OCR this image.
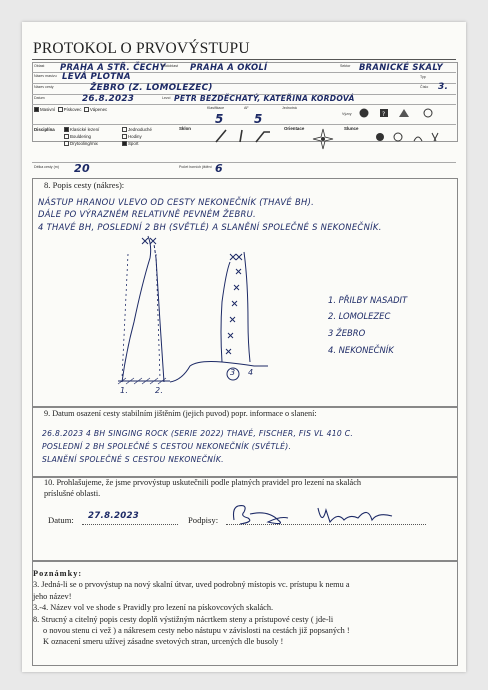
PROTOKOL O PRVOVÝSTUPU
Oblast PRAHA A STŘ. ČECHY
Podoblast PRAHA A OKOLÍ	Sektor BRANICKÉ SKALY
Název masivu LEVÁ PLOTNA	Typ
Název cesty	ŽEBRO (Z. LOMOLEZEC)	Číslo 3.
Datum	26.8.2023	Lezci PETR BEZDĚCHATÝ, KATEŘINA KORDOVÁ
Masivní Pískovec Vápenec	Klasifikace
5
AF
5
Jednotná
Výzvy	?
Disciplína	Klasické lezení
Bouldering
Drytooling/mix
Jednoduché
Hodiny
Sport
Sklon	Orientace	Slunce
Délka cesty (m) 20	Počet horních jištění 6
8. Popis cesty (nákres):
NÁSTUP HRANOU VLEVO OD CESTY NEKONEČNÍK (THAVÉ BH).
DÁLE PO VÝRAZNÉM RELATIVNĚ PEVNÉM ŽEBRU.
4 THAVÉ BH, POSLEDNÍ 2 BH (SVĚTLÉ) A SLANĚNÍ SPOLEČNÉ S NEKONEČNÍK.
1.	2.
3 4
1. PŘILBY NASADIT
2. LOMOLEZEC
3 ŽEBRO
4. NEKONEČNÍK
9. Datum osazení cesty stabilním jištěním (jejich puvod) popr. informace o slanení:
26.8.2023 4 BH SINGING ROCK (SERIE 2022) THAVÉ, FISCHER, FIS VL 410 C.
POSLEDNÍ 2 BH SPOLEČNÉ S CESTOU NEKONEČNÍK (SVĚTLÉ).
SLANĚNÍ SPOLEČNÉ S CESTOU NEKONEČNÍK.
10. Prohlašujeme, že jsme prvovýstup uskutečnili podle platných pravidel pro lezení na skalách
príslušné oblasti.
Datum: 27.8.2023	Podpisy:
Poznámky:
3. Jedná-li se o prvovýstup na nový skalní útvar, uved podrobný místopis vc. prístupu k nemu a
jeho název!
3.-4. Název vol ve shode s Pravidly pro lezení na pískovcových skalách.
8. Strucný a citelný popis cesty doplň výstižným nácrtkem steny a prístupové cesty ( jde-li
o novou stenu ci vež ) a nákresem cesty nebo nástupu v závislosti na cestách již popsaných !
K oznacení smeru užívej zásadne svetových stran, urcených dle busoly !
